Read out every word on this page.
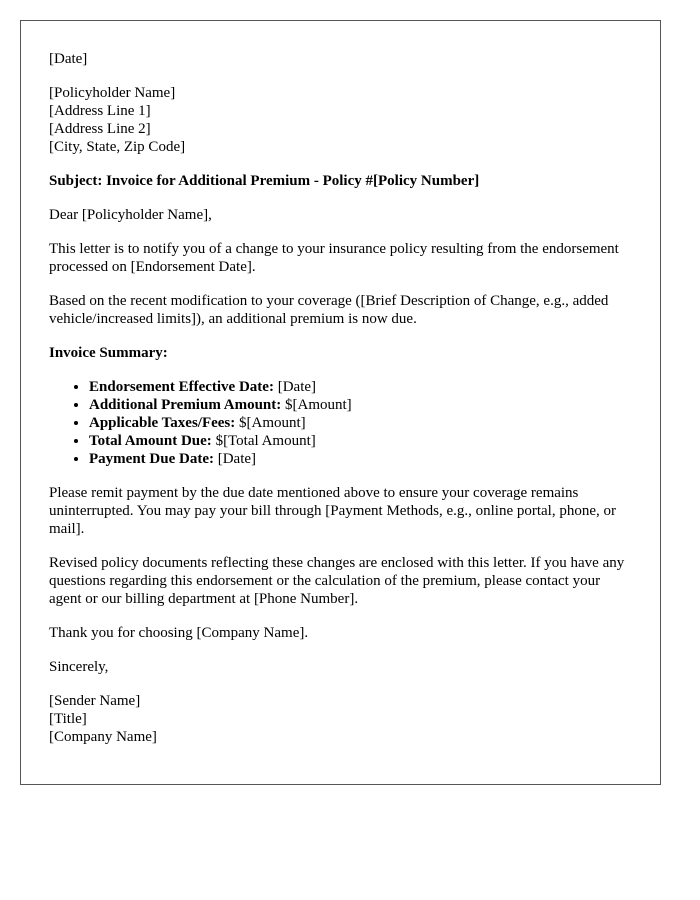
[Date]
[Policyholder Name]
[Address Line 1]
[Address Line 2]
[City, State, Zip Code]

Subject: Invoice for Additional Premium - Policy #[Policy Number]

Dear [Policyholder Name],

This letter is to notify you of a change to your insurance policy resulting from the endorsement processed on [Endorsement Date].

Based on the recent modification to your coverage ([Brief Description of Change, e.g., added vehicle/increased limits]), an additional premium is now due.

Invoice Summary:

• Endorsement Effective Date: [Date]
• Additional Premium Amount: $[Amount]
• Applicable Taxes/Fees: $[Amount]
• Total Amount Due: $[Total Amount]
• Payment Due Date: [Date]

Please remit payment by the due date mentioned above to ensure your coverage remains uninterrupted. You may pay your bill through [Payment Methods, e.g., online portal, phone, or mail].

Revised policy documents reflecting these changes are enclosed with this letter. If you have any questions regarding this endorsement or the calculation of the premium, please contact your agent or our billing department at [Phone Number].

Thank you for choosing [Company Name].

Sincerely,

[Sender Name]
[Title]
[Company Name]
